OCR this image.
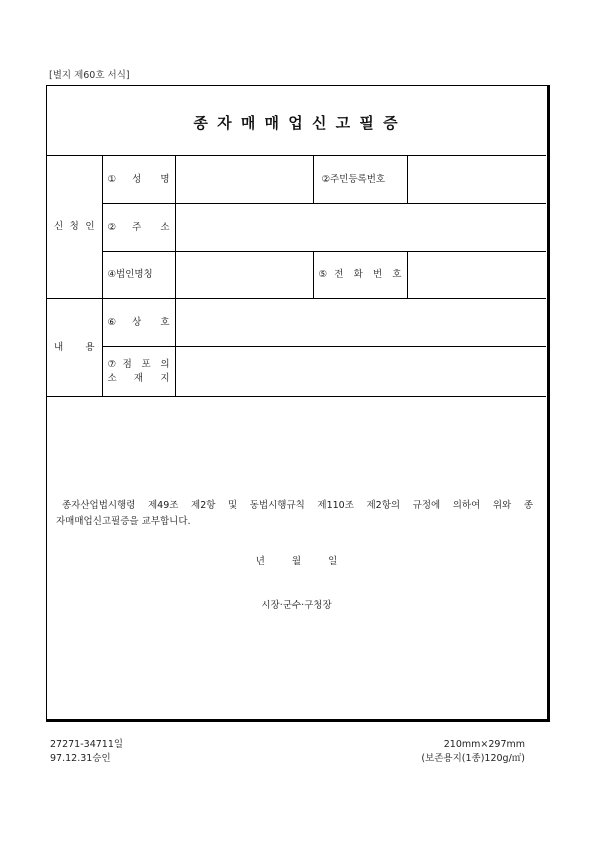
[별지 제60호 서식]
종 자 매 매 업 신 고 필 증
신 청 인	①성 명		②주민등록번호	

	②주 소			

	④법인명칭		⑤전 화 번 호	

내 용	⑥상 호			

	⑦점 포 의
소 재 지			

종자산업법시행령 제49조 제2항 및 동법시행규칙 제110조 제2항의 규정에 의하여 위와 종
자매매업신고필증을 교부합니다.
년 월 일
시장·군수·구청장
27271-34711일
97.12.31승인
210mm×297mm
(보존용지(1종)120g/㎡)
